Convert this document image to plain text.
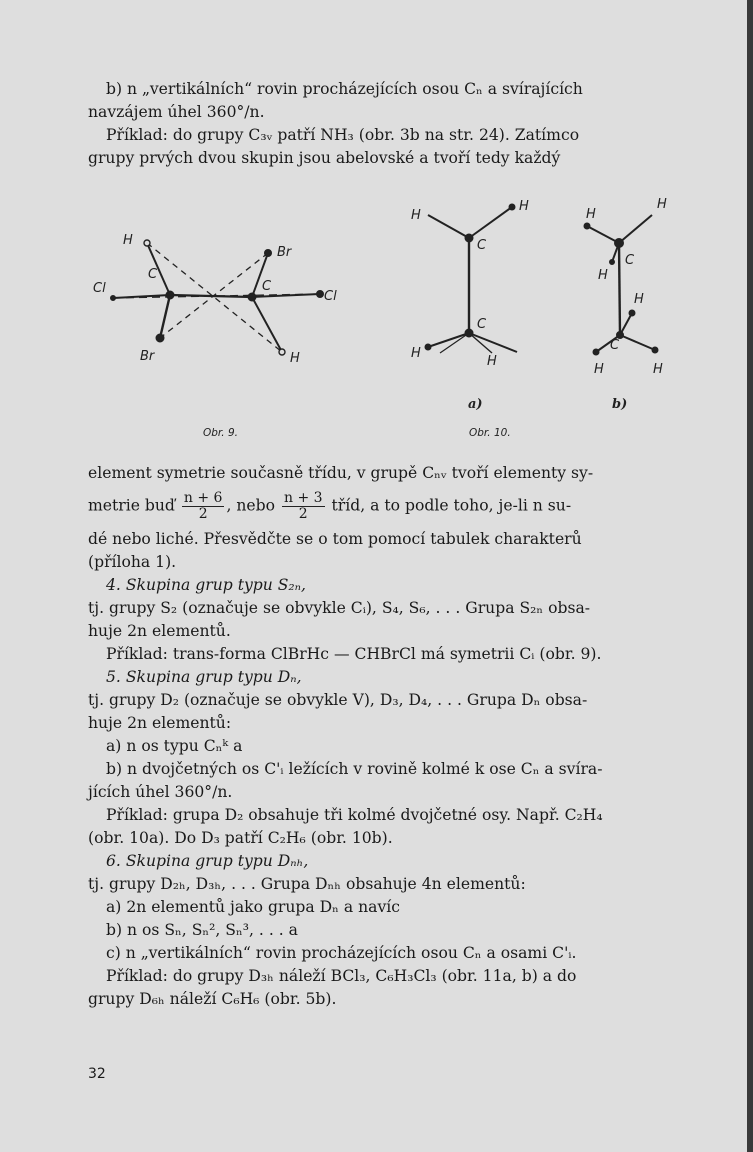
b) n „vertikálních“ rovin procházejících osou Cₙ a svírajících

navzájem úhel 360°/n.

Příklad: do grupy C₃ᵥ patří NH₃ (obr. 3b na str. 24). Zatímco

grupy prvých dvou skupin jsou abelovské a tvoří tedy každý

H
C
Cl
Br
Br
C
Cl
H
H
H
C
C
H
H
H
H
C
H
H
C
H	H
a)	b)
Obr. 9.	Obr. 10.

element symetrie současně třídu, v grupě Cₙᵥ tvoří elementy sy-

metrie buď $\frac{n + 6}{2}$ , nebo $\frac{n + 3}{2}$ tříd, a to podle toho, je-li n su-

dé nebo liché. Přesvědčte se o tom pomocí tabulek charakterů

(příloha 1).

4. Skupina grup typu S₂ₙ,

tj. grupy S₂ (označuje se obvykle Cᵢ), S₄, S₆, . . . Grupa S₂ₙ obsa-

huje 2n elementů.

Příklad: trans-forma ClBrHc — CHBrCl má symetrii Cᵢ (obr. 9).

5. Skupina grup typu Dₙ,

tj. grupy D₂ (označuje se obvykle V), D₃, D₄, . . . Grupa Dₙ obsa-

huje 2n elementů:

a) n os typu Cₙᵏ a

b) n dvojčetných os C'ᵢ ležících v rovině kolmé k ose Cₙ a svíra-

jících úhel 360°/n.

Příklad: grupa D₂ obsahuje tři kolmé dvojčetné osy. Např. C₂H₄

(obr. 10a). Do D₃ patří C₂H₆ (obr. 10b).

6. Skupina grup typu Dₙₕ,

tj. grupy D₂ₕ, D₃ₕ, . . . Grupa Dₙₕ obsahuje 4n elementů:

a) 2n elementů jako grupa Dₙ a navíc

b) n os Sₙ, Sₙ², Sₙ³, . . . a

c) n „vertikálních“ rovin procházejících osou Cₙ a osami C'ᵢ.

Příklad: do grupy D₃ₕ náleží BCl₃, C₆H₃Cl₃ (obr. 11a, b) a do

grupy D₆ₕ náleží C₆H₆ (obr. 5b).

32
